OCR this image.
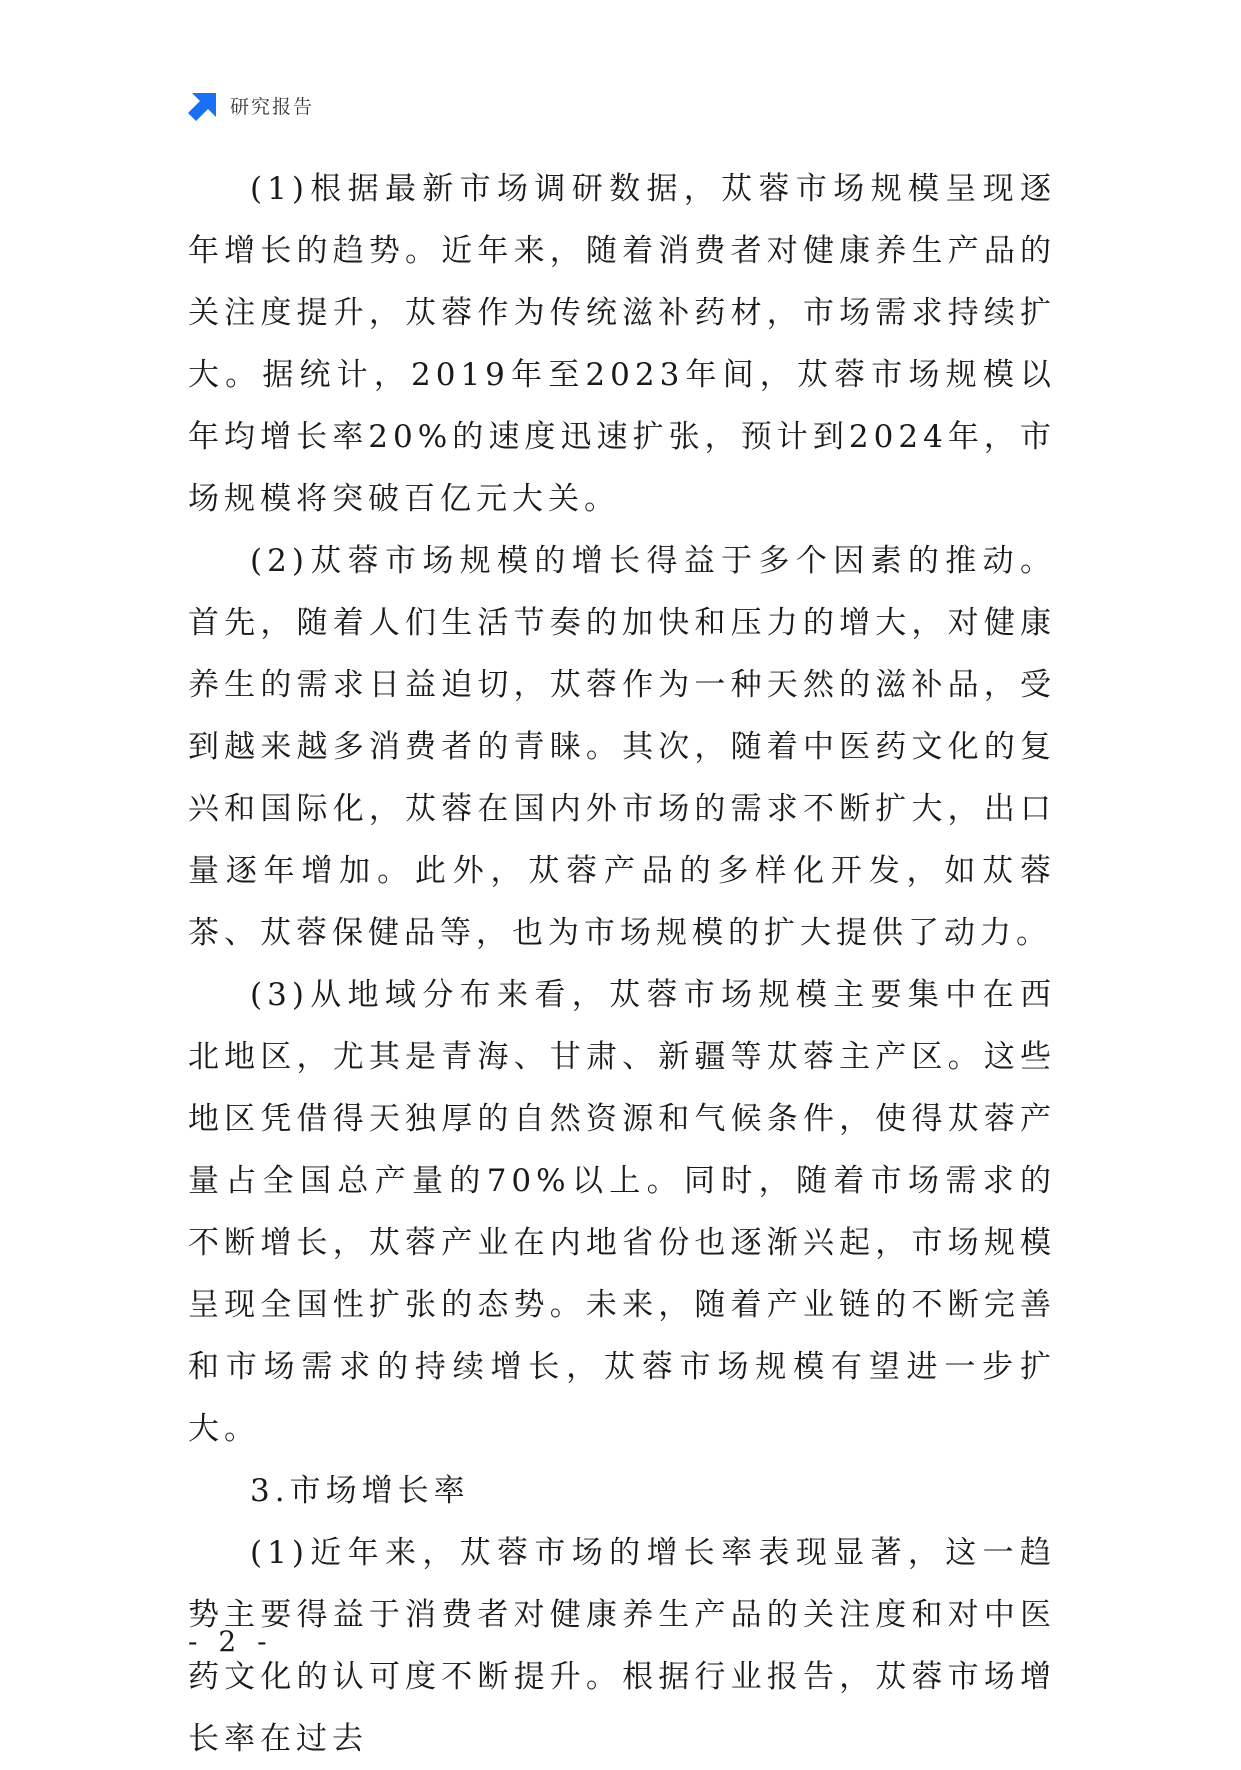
研究报告

(1)根据最新市场调研数据，苁蓉市场规模呈现逐年增长的趋势。近年来，随着消费者对健康养生产品的关注度提升，苁蓉作为传统滋补药材，市场需求持续扩大。据统计，2019年至2023年间，苁蓉市场规模以年均增长率20%的速度迅速扩张，预计到2024年，市场规模将突破百亿元大关。

(2)苁蓉市场规模的增长得益于多个因素的推动。首先，随着人们生活节奏的加快和压力的增大，对健康养生的需求日益迫切，苁蓉作为一种天然的滋补品，受到越来越多消费者的青睐。其次，随着中医药文化的复兴和国际化，苁蓉在国内外市场的需求不断扩大，出口量逐年增加。此外，苁蓉产品的多样化开发，如苁蓉茶、苁蓉保健品等，也为市场规模的扩大提供了动力。

(3)从地域分布来看，苁蓉市场规模主要集中在西北地区，尤其是青海、甘肃、新疆等苁蓉主产区。这些地区凭借得天独厚的自然资源和气候条件，使得苁蓉产量占全国总产量的70%以上。同时，随着市场需求的不断增长，苁蓉产业在内地省份也逐渐兴起，市场规模呈现全国性扩张的态势。未来，随着产业链的不断完善和市场需求的持续增长，苁蓉市场规模有望进一步扩大。

3.市场增长率

(1)近年来，苁蓉市场的增长率表现显著，这一趋势主要得益于消费者对健康养生产品的关注度和对中医药文化的认可度不断提升。根据行业报告，苁蓉市场增长率在过去

- 2 -
